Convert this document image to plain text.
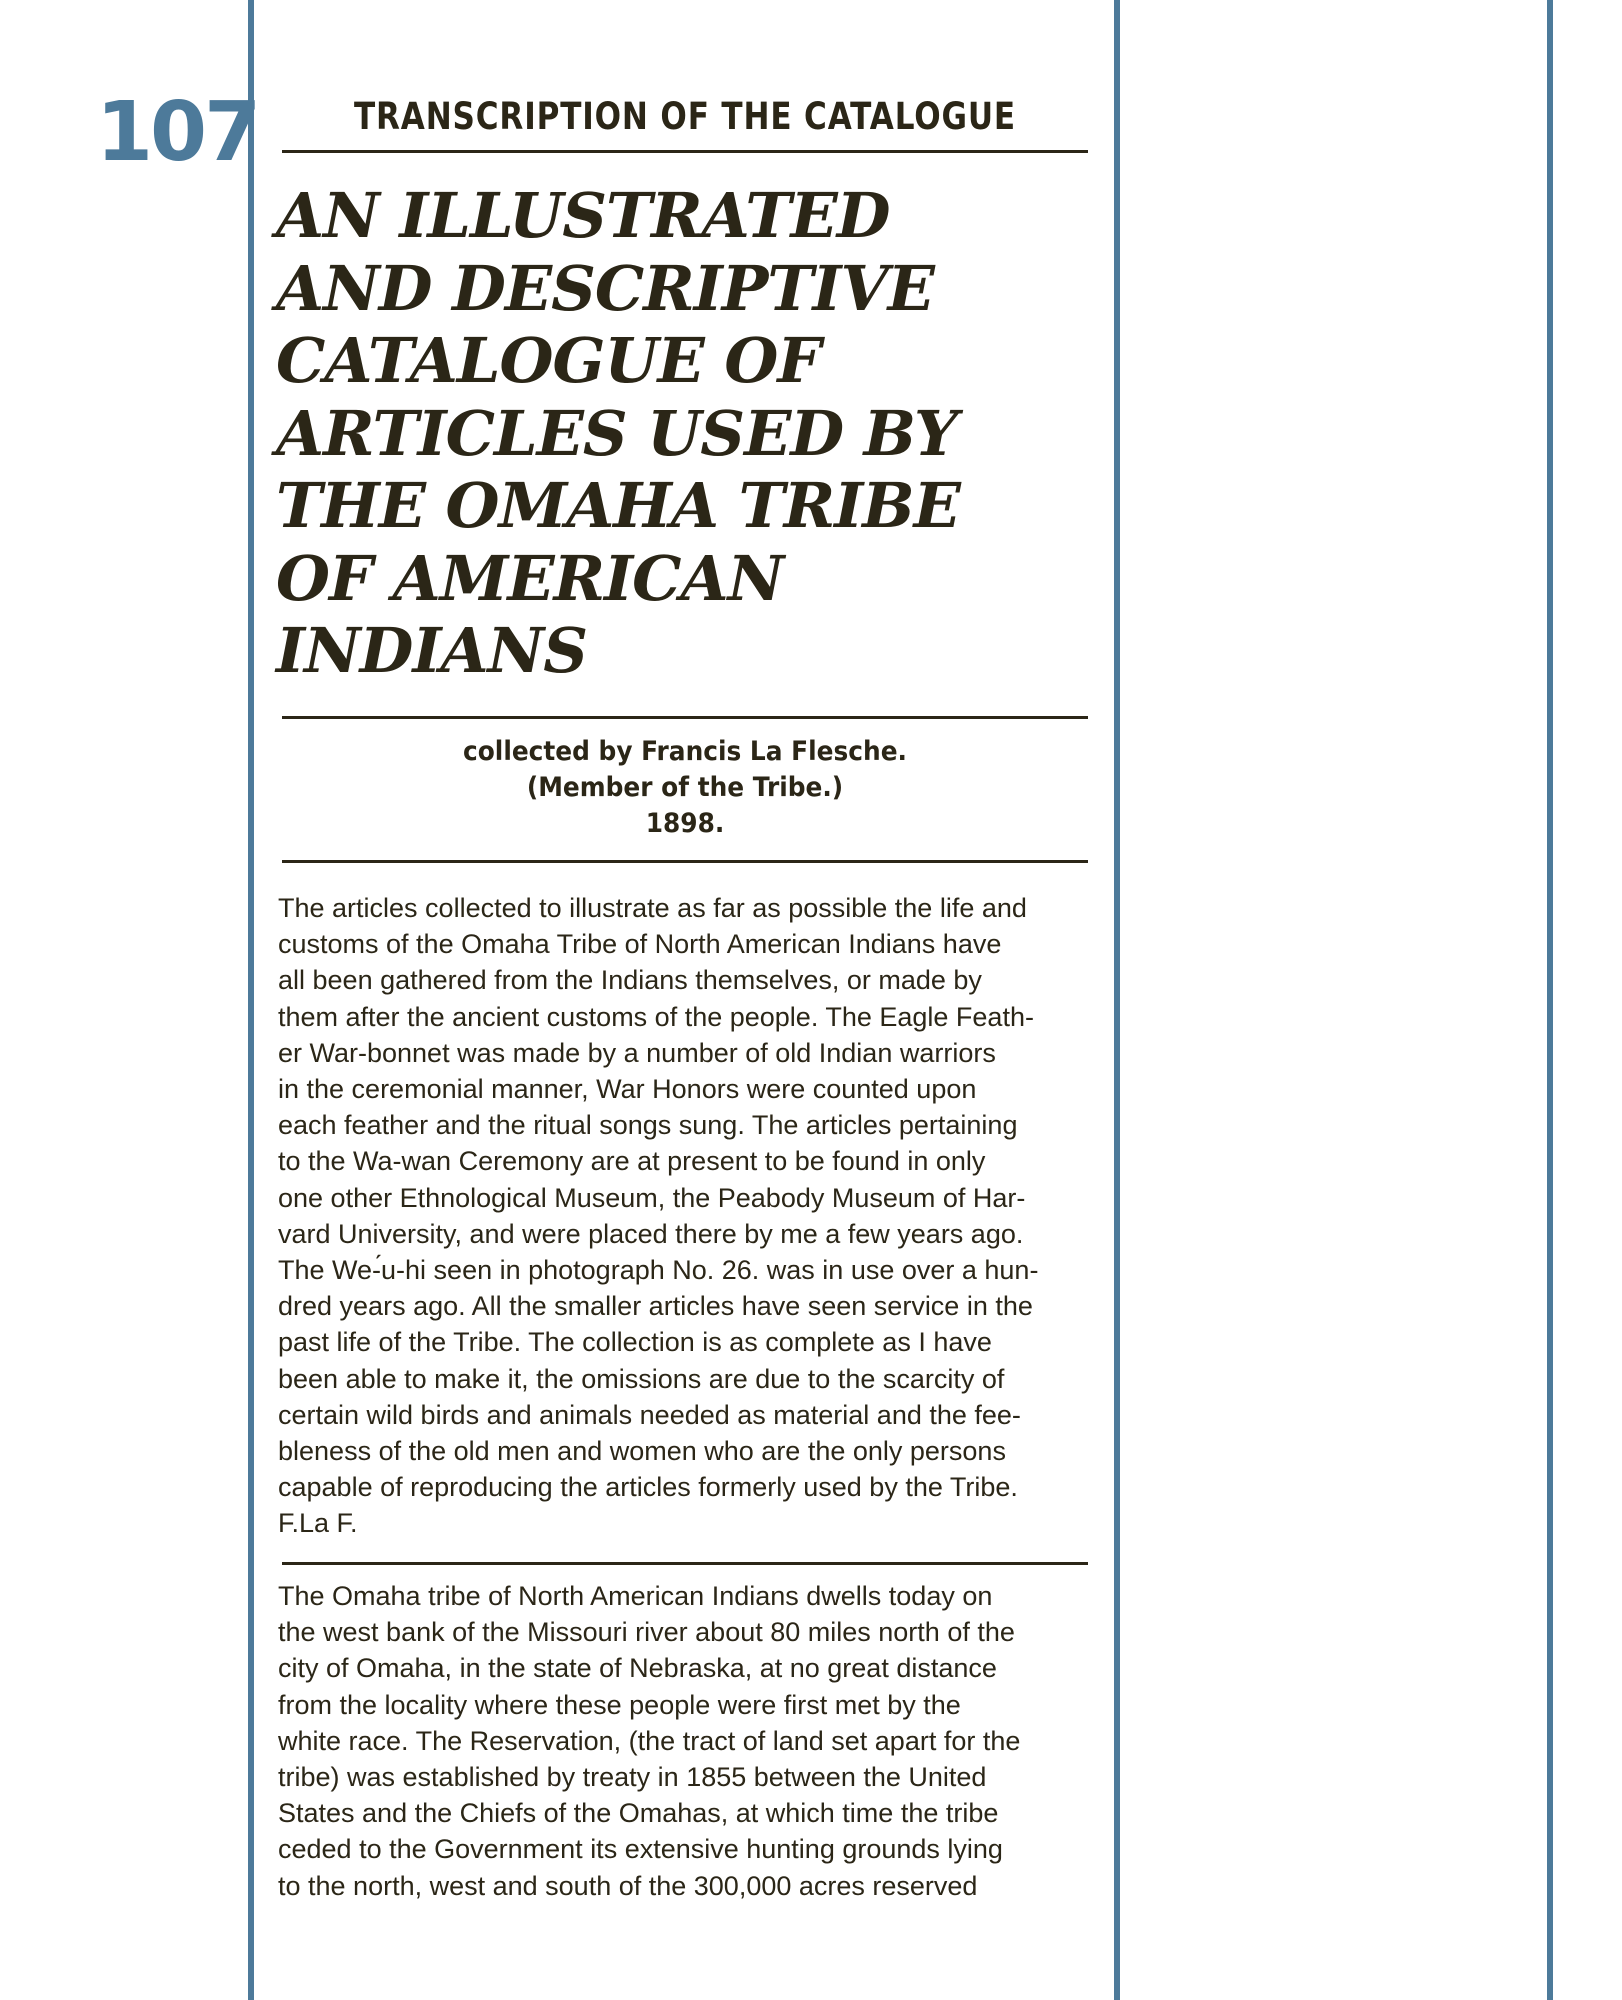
107	TRANSCRIPTION OF THE CATALOGUE
AN ILLUSTRATED
AND DESCRIPTIVE
CATALOGUE OF
ARTICLES USED BY
THE OMAHA TRIBE
OF AMERICAN
INDIANS
collected by Francis La Flesche.
(Member of the Tribe.)
1898.

The articles collected to illustrate as far as possible the life and
customs of the Omaha Tribe of North American Indians have
all been gathered from the Indians themselves, or made by
them after the ancient customs of the people. The Eagle Feath-
er War-bonnet was made by a number of old Indian warriors
in the ceremonial manner, War Honors were counted upon
each feather and the ritual songs sung. The articles pertaining
to the Wa-wan Ceremony are at present to be found in only
one other Ethnological Museum, the Peabody Museum of Har-
vard University, and were placed there by me a few years ago.
The We-́u-hi seen in photograph No. 26. was in use over a hun-
dred years ago. All the smaller articles have seen service in the
past life of the Tribe. The collection is as complete as I have
been able to make it, the omissions are due to the scarcity of
certain wild birds and animals needed as material and the fee-
bleness of the old men and women who are the only persons
capable of reproducing the articles formerly used by the Tribe.
F.La F.

The Omaha tribe of North American Indians dwells today on
the west bank of the Missouri river about 80 miles north of the
city of Omaha, in the state of Nebraska, at no great distance
from the locality where these people were first met by the
white race. The Reservation, (the tract of land set apart for the
tribe) was established by treaty in 1855 between the United
States and the Chiefs of the Omahas, at which time the tribe
ceded to the Government its extensive hunting grounds lying
to the north, west and south of the 300,000 acres reserved
